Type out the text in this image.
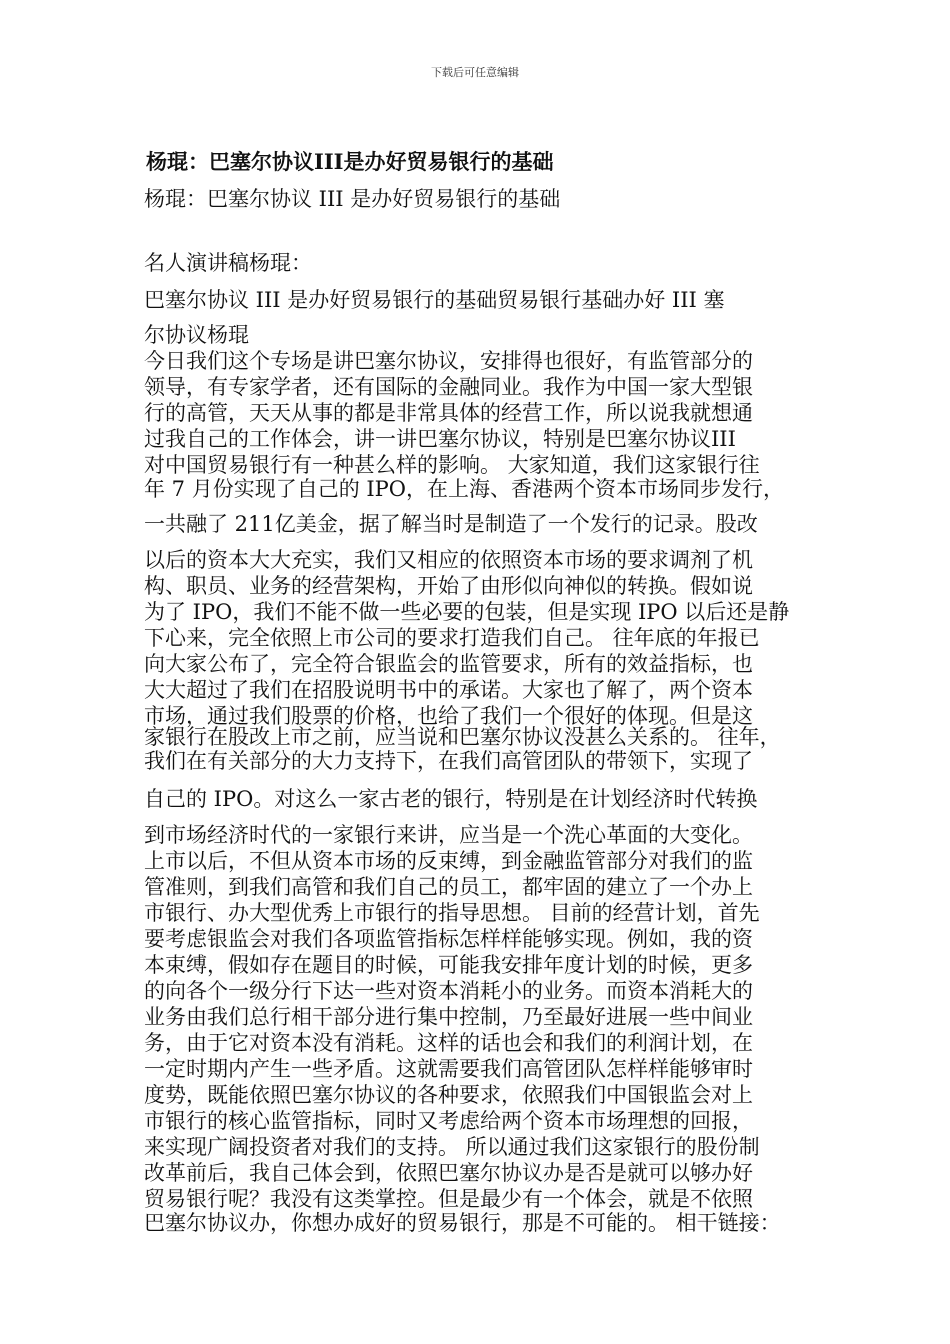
下载后可任意编辑
杨琨：巴塞尔协议III是办好贸易银行的基础
杨琨：巴塞尔协议 III 是办好贸易银行的基础
名人演讲稿杨琨：
巴塞尔协议 III 是办好贸易银行的基础贸易银行基础办好 III 塞
尔协议杨琨
今日我们这个专场是讲巴塞尔协议，安排得也很好，有监管部分的
领导，有专家学者，还有国际的金融同业。我作为中国一家大型银
行的高管，天天从事的都是非常具体的经营工作，所以说我就想通
过我自己的工作体会，讲一讲巴塞尔协议，特别是巴塞尔协议III
对中国贸易银行有一种甚么样的影响。 大家知道，我们这家银行往
年 7 月份实现了自己的 IPO，在上海、香港两个资本市场同步发行，
一共融了 211亿美金，据了解当时是制造了一个发行的记录。股改
以后的资本大大充实，我们又相应的依照资本市场的要求调剂了机
构、职员、业务的经营架构，开始了由形似向神似的转换。假如说
为了 IPO，我们不能不做一些必要的包装，但是实现 IPO 以后还是静
下心来，完全依照上市公司的要求打造我们自己。 往年底的年报已
向大家公布了，完全符合银监会的监管要求，所有的效益指标，也
大大超过了我们在招股说明书中的承诺。大家也了解了，两个资本
市场，通过我们股票的价格，也给了我们一个很好的体现。但是这
家银行在股改上市之前，应当说和巴塞尔协议没甚么关系的。 往年，
我们在有关部分的大力支持下，在我们高管团队的带领下，实现了
自己的 IPO。对这么一家古老的银行，特别是在计划经济时代转换
到市场经济时代的一家银行来讲，应当是一个洗心革面的大变化。
上市以后，不但从资本市场的反束缚，到金融监管部分对我们的监
管准则，到我们高管和我们自己的员工，都牢固的建立了一个办上
市银行、办大型优秀上市银行的指导思想。 目前的经营计划，首先
要考虑银监会对我们各项监管指标怎样样能够实现。例如，我的资
本束缚，假如存在题目的时候，可能我安排年度计划的时候，更多
的向各个一级分行下达一些对资本消耗小的业务。而资本消耗大的
业务由我们总行相干部分进行集中控制，乃至最好进展一些中间业
务，由于它对资本没有消耗。这样的话也会和我们的利润计划，在
一定时期内产生一些矛盾。这就需要我们高管团队怎样样能够审时
度势，既能依照巴塞尔协议的各种要求，依照我们中国银监会对上
市银行的核心监管指标，同时又考虑给两个资本市场理想的回报，
来实现广阔投资者对我们的支持。 所以通过我们这家银行的股份制
改革前后，我自己体会到，依照巴塞尔协议办是否是就可以够办好
贸易银行呢？我没有这类掌控。但是最少有一个体会，就是不依照
巴塞尔协议办，你想办成好的贸易银行，那是不可能的。 相干链接：
